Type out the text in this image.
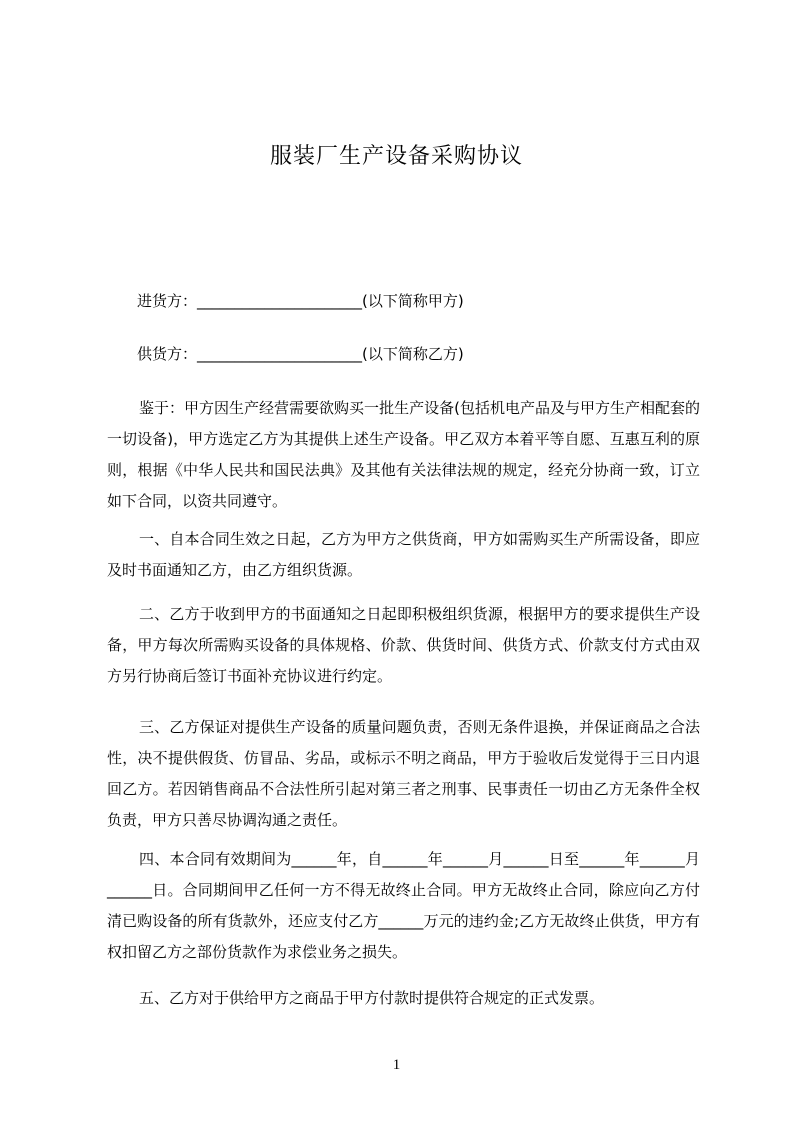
服装厂生产设备采购协议
进货方：______________________(以下简称甲方)
供货方：______________________(以下简称乙方)

鉴于：甲方因生产经营需要欲购买一批生产设备(包括机电产品及与甲方生产相配套的一切设备)，甲方选定乙方为其提供上述生产设备。甲乙双方本着平等自愿、互惠互利的原则，根据《中华人民共和国民法典》及其他有关法律法规的规定，经充分协商一致，订立如下合同，以资共同遵守。

一、自本合同生效之日起，乙方为甲方之供货商，甲方如需购买生产所需设备，即应及时书面通知乙方，由乙方组织货源。

二、乙方于收到甲方的书面通知之日起即积极组织货源，根据甲方的要求提供生产设备，甲方每次所需购买设备的具体规格、价款、供货时间、供货方式、价款支付方式由双方另行协商后签订书面补充协议进行约定。

三、乙方保证对提供生产设备的质量问题负责，否则无条件退换，并保证商品之合法性，决不提供假货、仿冒品、劣品，或标示不明之商品，甲方于验收后发觉得于三日内退回乙方。若因销售商品不合法性所引起对第三者之刑事、民事责任一切由乙方无条件全权负责，甲方只善尽协调沟通之责任。

四、本合同有效期间为______年，自______年______月______日至______年______月______日。合同期间甲乙任何一方不得无故终止合同。甲方无故终止合同，除应向乙方付清已购设备的所有货款外，还应支付乙方______万元的违约金;乙方无故终止供货，甲方有权扣留乙方之部份货款作为求偿业务之损失。

五、乙方对于供给甲方之商品于甲方付款时提供符合规定的正式发票。

1
